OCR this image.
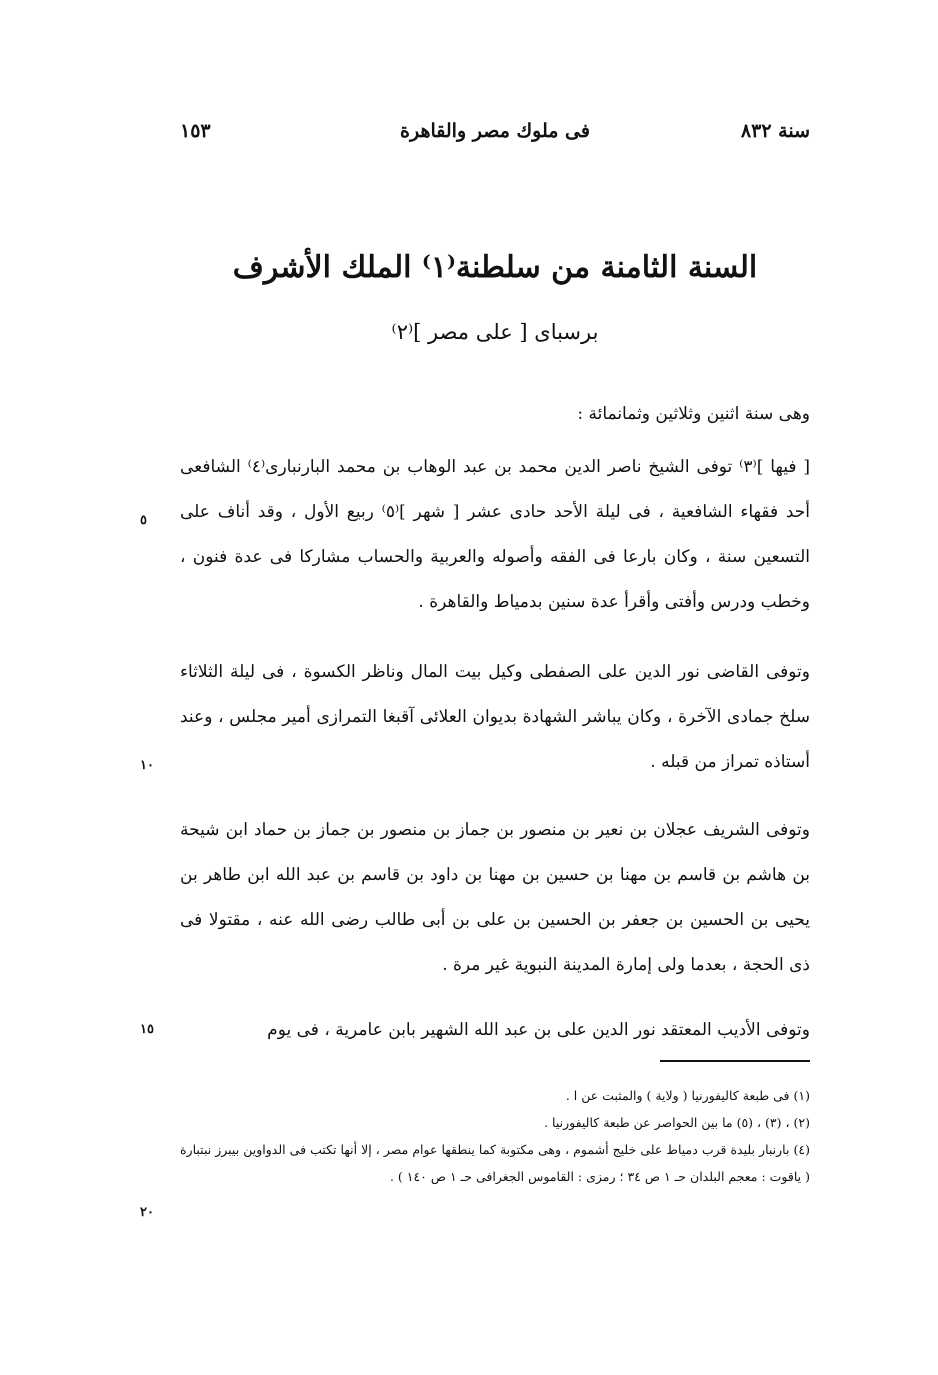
سنة ٨٣٢
فى ملوك مصر والقاهرة
١٥٣
السنة الثامنة من سلطنة⁽١⁾ الملك الأشرف
برسباى [ على مصر ]⁽٢⁾
وهى سنة اثنين وثلاثين وثمانمائة :
[ فيها ]⁽٣⁾ توفى الشيخ ناصر الدين محمد بن عبد الوهاب بن محمد البارنبارى⁽٤⁾ الشافعى أحد فقهاء الشافعية ، فى ليلة الأحد حادى عشر [ شهر ]⁽٥⁾ ربيع الأول ، وقد أناف على التسعين سنة ، وكان بارعا فى الفقه وأصوله والعربية والحساب مشاركا فى عدة فنون ، وخطب ودرس وأفتى وأقرأ عدة سنين بدمياط والقاهرة .
وتوفى القاضى نور الدين على الصفطى وكيل بيت المال وناظر الكسوة ، فى ليلة الثلاثاء سلخ جمادى الآخرة ، وكان يباشر الشهادة بديوان العلائى آقبغا التمرازى أمير مجلس ، وعند أستاذه تمراز من قبله .
وتوفى الشريف عجلان بن نعير بن منصور بن جماز بن منصور بن جماز بن حماد ابن شيحة بن هاشم بن قاسم بن مهنا بن حسين بن مهنا بن داود بن قاسم بن عبد الله ابن طاهر بن يحيى بن الحسين بن جعفر بن الحسين بن على بن أبى طالب رضى الله عنه ، مقتولا فى ذى الحجة ، بعدما ولى إمارة المدينة النبوية غير مرة .
وتوفى الأديب المعتقد نور الدين على بن عبد الله الشهير بابن عامرية ، فى يوم
٥
١٠
١٥
٢٠
(١) فى طبعة كاليفورنيا ( ولاية ) والمثبت عن ا .
(٢) ، (٣) ، (٥) ما بين الحواصر عن طبعة كاليفورنيا .
(٤) بارنبار بليدة قرب دمياط على خليج أشموم ، وهى مكتوبة كما ينطقها عوام مصر ، إلا أنها تكتب فى الدواوين بيبرز نبتبارة ( ياقوت : معجم البلدان حـ ١ ص ٣٤ ؛ رمزى : القاموس الجغرافى حـ ١ ص ١٤٠ ) .
